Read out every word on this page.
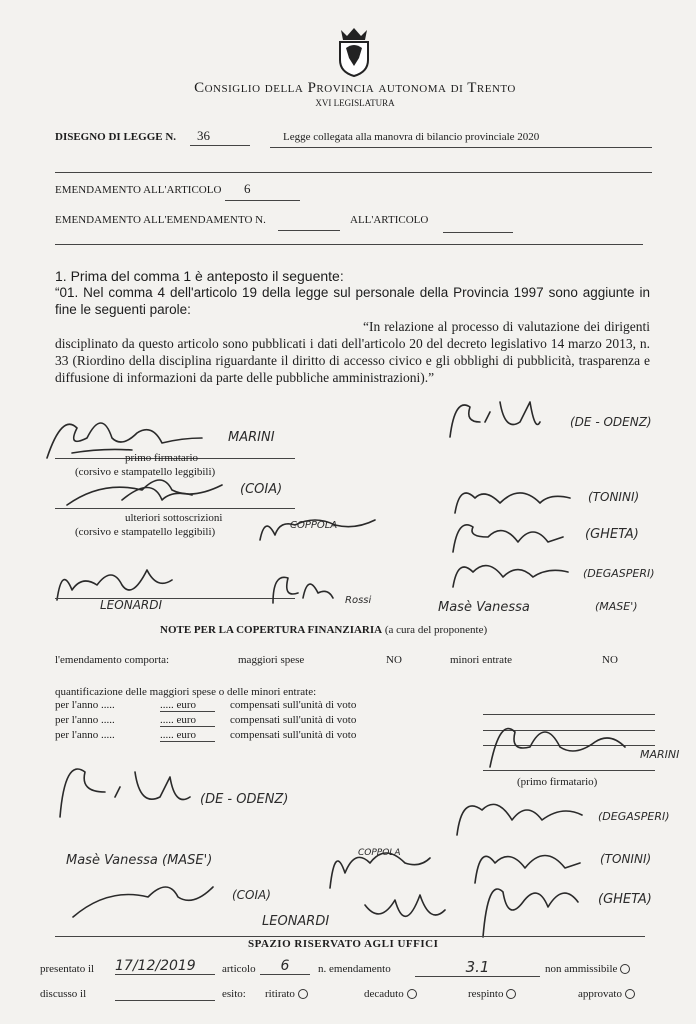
Consiglio della Provincia autonoma di Trento
XVI LEGISLATURA
DISEGNO DI LEGGE N. 36	Legge collegata alla manovra di bilancio provinciale 2020
EMENDAMENTO ALL'ARTICOLO 6
EMENDAMENTO ALL'EMENDAMENTO N.	ALL'ARTICOLO
1. Prima del comma 1 è anteposto il seguente:
“01. Nel comma 4 dell'articolo 19 della legge sul personale della Provincia 1997 sono aggiunte in fine le seguenti parole:
“In relazione al processo di valutazione dei dirigenti disciplinato da questo articolo sono pubblicati i dati dell'articolo 20 del decreto legislativo 14 marzo 2013, n. 33 (Riordino della disciplina riguardante il diritto di accesso civico e gli obblighi di pubblicità, trasparenza e diffusione di informazioni da parte delle pubbliche amministrazioni).”
MARINI
primo firmatario
(corsivo e stampatello leggibili)
(COIA)
ulteriori sottoscrizioni
(corsivo e stampatello leggibili)
COPPOLA
LEONARDI	Rossi
(DE - ODENZ)
(TONINI)
(GHETA)
(DEGASPERI)
Masè Vanessa	(MASE')
NOTE PER LA COPERTURA FINANZIARIA (a cura del proponente)
l'emendamento comporta:	maggiori spese	NO	minori entrate	NO
quantificazione delle maggiori spese o delle minori entrate:
per l'anno .....	..... euro	compensati sull'unità di voto
per l'anno .....	..... euro	compensati sull'unità di voto
per l'anno .....	..... euro	compensati sull'unità di voto
MARINI
(primo firmatario)
(DE - ODENZ)
(DEGASPERI)
Masè Vanessa (MASE')	COPPOLA	(TONINI)
(COIA)	(GHETA)
LEONARDI
SPAZIO RISERVATO AGLI UFFICI
presentato il 17/12/2019	articolo	6	n. emendamento	3.1	non ammissibile
discusso il	esito: ritirato	decaduto	respinto	approvato
